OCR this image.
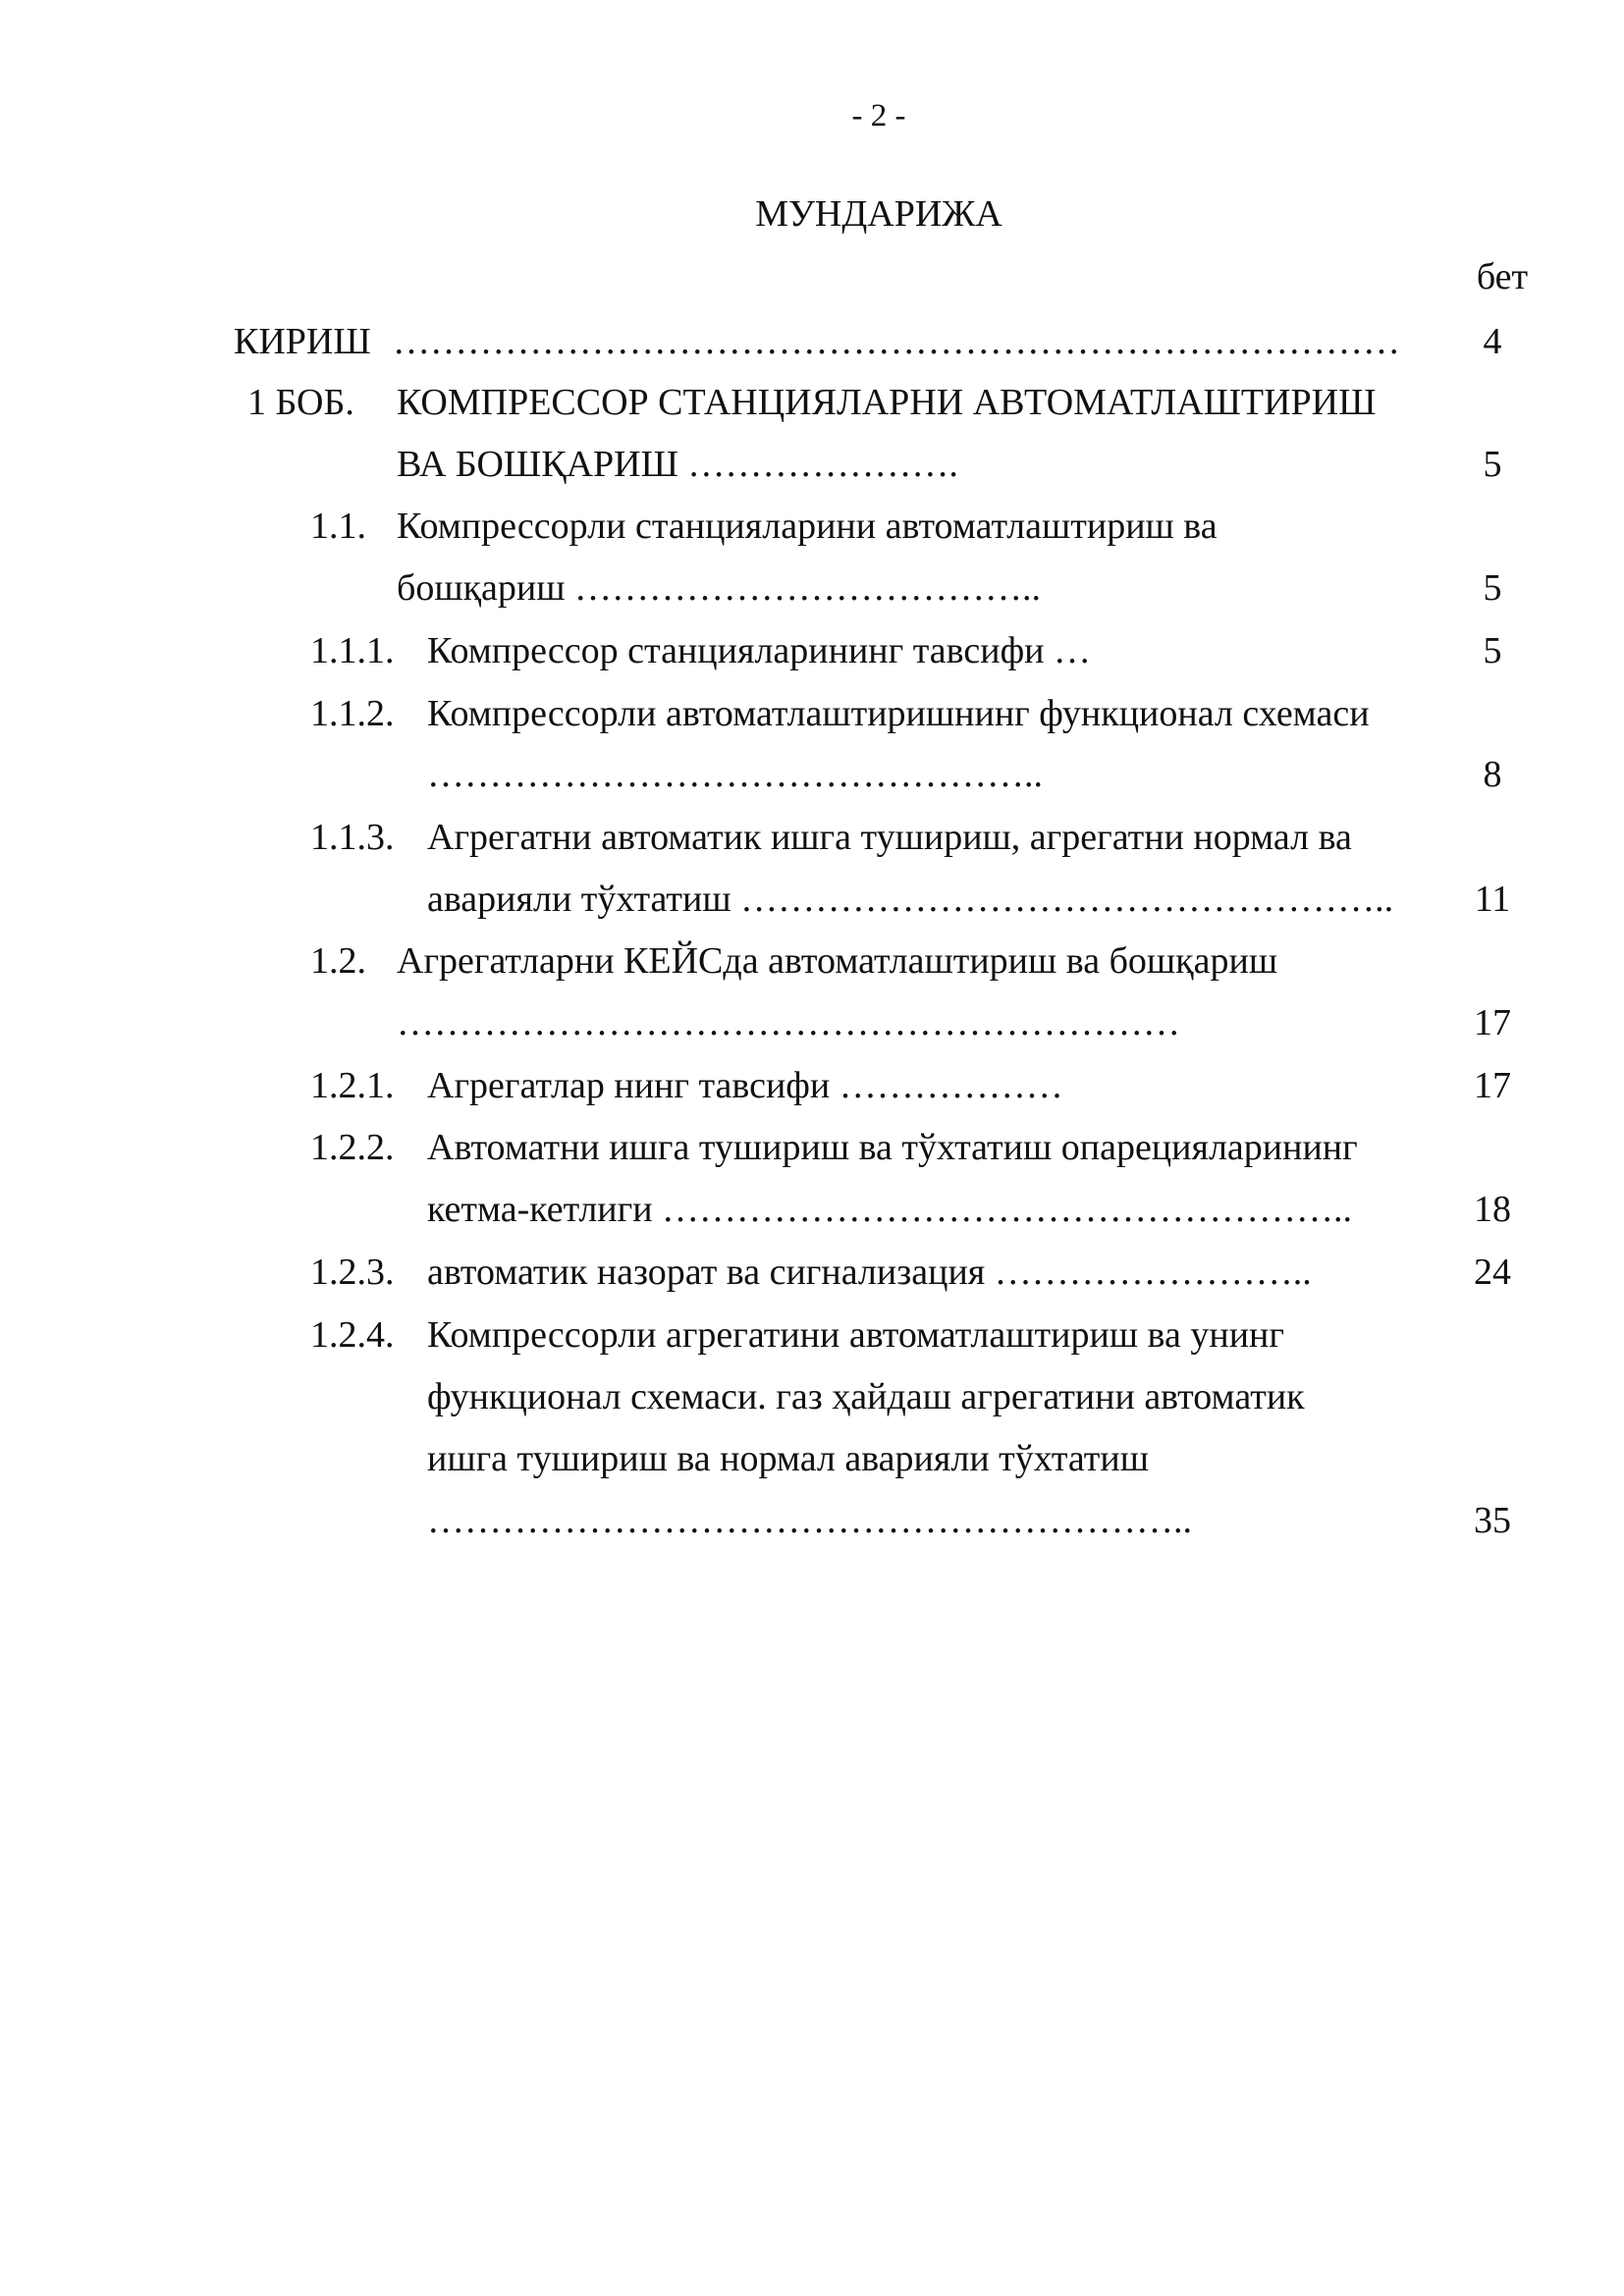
- 2 -
МУНДАРИЖА
бет
КИРИШ ………………………………………………………………………	4
1 БОБ. КОМПРЕССОР СТАНЦИЯЛАРНИ АВТОМАТЛАШТИРИШ
ВА БОШҚАРИШ ………………….	5
1.1. Компрессорли станцияларини автоматлаштириш ва
бошқариш ………………………………..	5
1.1.1. Компрессор станцияларининг тавсифи …	5
1.1.2. Компрессорли автоматлаштиришнинг функционал схемаси
…………………………………………..	8
1.1.3. Агрегатни автоматик ишга тушириш, агрегатни нормал ва
аварияли тўхтатиш ……………………………………………..	11
1.2. Агрегатларни КЕЙСда автоматлаштириш ва бошқариш
………………………………………………………	17
1.2.1. Агрегатлар нинг тавсифи ………………	17
1.2.2. Автоматни ишга тушириш ва тўхтатиш опарецияларининг
кетма-кетлиги ………………………………………………..	18
1.2.3. автоматик назорат ва сигнализация ……………………..	24
1.2.4. Компрессорли агрегатини автоматлаштириш ва унинг
функционал схемаси. газ ҳайдаш агрегатини автоматик
ишга тушириш ва нормал аварияли тўхтатиш
……………………………………………………..	35
